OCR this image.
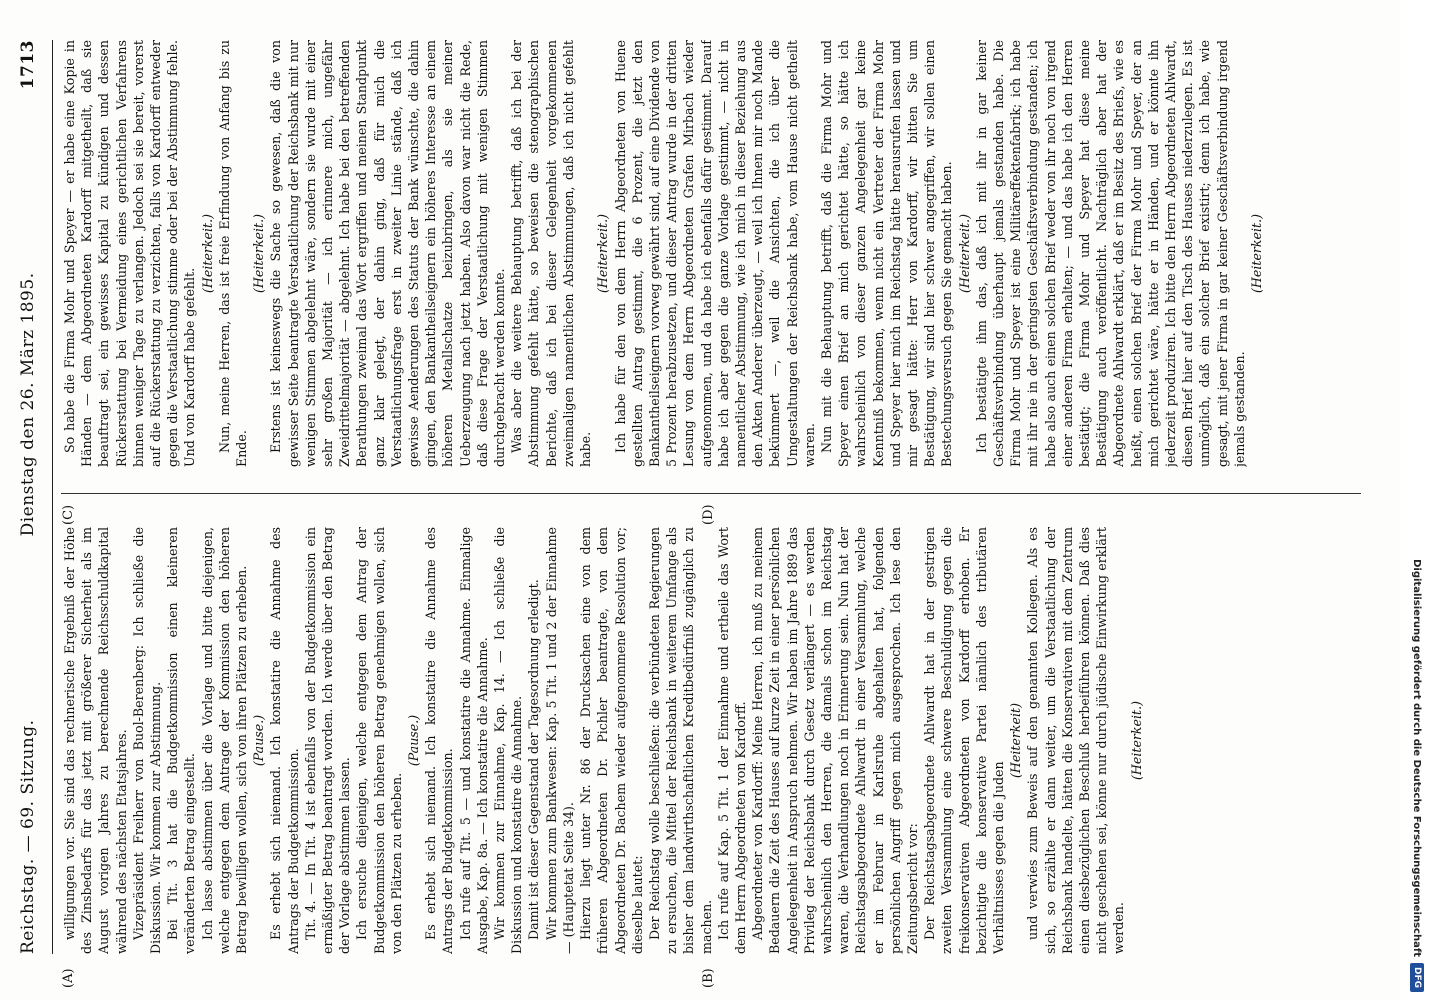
Reichstag. — 69. Sitzung.
Dienstag den 26. März 1895.
1713
(A)	(B)

willigungen vor. Sie sind das rechnerische Ergebniß der Höhe des Zinsbedarfs für das jetzt mit größerer Sicherheit als im August vorigen Jahres zu berechnende Reichsschuldkapital während des nächsten Etatsjahres. Vizepräsident Freiherr von Buol-Berenberg: Ich schließe die Diskussion. Wir kommen zur Abstimmung. Bei Tit. 3 hat die Budgetkommission einen kleineren veränderten Betrag eingestellt. Ich lasse abstimmen über die Vorlage und bitte diejenigen, welche entgegen dem Antrage der Kommission den höheren Betrag bewilligen wollen, sich von ihren Plätzen zu erheben. (Pause.) Es erhebt sich niemand. Ich konstatire die Annahme des Antrags der Budgetkommission. Tit. 4. — In Tit. 4 ist ebenfalls von der Budgetkommission ein ermäßigter Betrag beantragt worden. Ich werde über den Betrag der Vorlage abstimmen lassen. Ich ersuche diejenigen, welche entgegen dem Antrag der Budgetkommission den höheren Betrag genehmigen wollen, sich von den Plätzen zu erheben.

(Pause.) Es erhebt sich niemand. Ich konstatire die Annahme des Antrags der Budgetkommission. Ich rufe auf Tit. 5 — und konstatire die Annahme. Einmalige Ausgabe, Kap. 8a. — Ich konstatire die Annahme. Wir kommen zur Einnahme, Kap. 14. — Ich schließe die Diskussion und konstatire die Annahme. Damit ist dieser Gegenstand der Tagesordnung erledigt. Wir kommen zum Bankwesen: Kap. 5 Tit. 1 und 2 der Einnahme — (Hauptetat Seite 34). Hierzu liegt unter Nr. 86 der Drucksachen eine von dem früheren Abgeordneten Dr. Pichler beantragte, von dem Abgeordneten Dr. Bachem wieder aufgenommene Resolution vor; dieselbe lautet: Der Reichstag wolle beschließen: die verbündeten Regierungen zu ersuchen, die Mittel der Reichsbank in weiterem Umfange als bisher dem landwirthschaftlichen Kreditbedürfniß zugänglich zu machen. Ich rufe auf Kap. 5 Tit. 1 der Einnahme und ertheile das Wort dem Herrn Abgeordneten von Kardorff. Abgeordneter von Kardorff: Meine Herren, ich muß zu meinem Bedauern die Zeit des Hauses auf kurze Zeit in einer persönlichen Angelegenheit in Anspruch nehmen. Wir haben im Jahre 1889 das Privileg der Reichsbank durch Gesetz verlängert — es werden wahrscheinlich den Herren, die damals schon im Reichstag waren, die Verhandlungen noch in Erinnerung sein. Nun hat der Reichstagsabgeordnete Ahlwardt in einer Versammlung, welche er im Februar in Karlsruhe abgehalten hat, folgenden persönlichen Angriff gegen mich ausgesprochen. Ich lese den Zeitungsbericht vor: Der Reichstagsabgeordnete Ahlwardt hat in der gestrigen zweiten Versammlung eine schwere Beschuldigung gegen die freikonservativen Abgeordneten von Kardorff erhoben. Er bezichtigte die konservative Partei nämlich des tributären Verhältnisses gegen die Juden

(Heiterkeit) und verwies zum Beweis auf den genannten Kollegen. Als es sich, so erzählte er dann weiter, um die Verstaatlichung der Reichsbank handelte, hätten die Konservativen mit dem Zentrum einen diesbezüglichen Beschluß herbeiführen können. Daß dies nicht geschehen sei, könne nur durch jüdische Einwirkung erklärt werden.

(Heiterkeit.)

(C)	(D)

So habe die Firma Mohr und Speyer — er habe eine Kopie in Händen — dem Abgeordneten Kardorff mitgetheilt, daß sie beauftragt sei, ein gewisses Kapital zu kündigen und dessen Rückerstattung bei Vermeidung eines gerichtlichen Verfahrens binnen weniger Tage zu verlangen. Jedoch sei sie bereit, vorerst auf die Rückerstattung zu verzichten, falls von Kardorff entweder gegen die Verstaatlichung stimme oder bei der Abstimmung fehle. Und von Kardorff habe gefehlt.

(Heiterkeit.) Nun, meine Herren, das ist freie Erfindung von Anfang bis zu Ende.

(Heiterkeit.) Erstens ist keineswegs die Sache so gewesen, daß die von gewisser Seite beantragte Verstaatlichung der Reichsbank mit nur wenigen Stimmen abgelehnt wäre, sondern sie wurde mit einer sehr großen Majorität — ich erinnere mich, ungefähr Zweidrittelmajorität — abgelehnt. Ich habe bei den betreffenden Berathungen zweimal das Wort ergriffen und meinen Standpunkt ganz klar gelegt, der dahin ging, daß für mich die Verstaatlichungsfrage erst in zweiter Linie stände, daß ich gewisse Aenderungen des Statuts der Bank wünschte, die dahin gingen, den Bankantheilseignern ein höheres Interesse an einem höheren Metallschatze beizubringen, als sie meiner Ueberzeugung nach jetzt haben. Also davon war nicht die Rede, daß diese Frage der Verstaatlichung mit wenigen Stimmen durchgebracht werden konnte. Was aber die weitere Behauptung betrifft, daß ich bei der Abstimmung gefehlt hätte, so beweisen die stenographischen Berichte, daß ich bei dieser Gelegenheit vorgekommenen zweimaligen namentlichen Abstimmungen, daß ich nicht gefehlt habe.

(Heiterkeit.) Ich habe für den von dem Herrn Abgeordneten von Huene gestellten Antrag gestimmt, die 6 Prozent, die jetzt den Bankantheilseignern vorweg gewährt sind, auf eine Dividende von 5 Prozent herabzusetzen, und dieser Antrag wurde in der dritten Lesung von dem Herrn Abgeordneten Grafen Mirbach wieder aufgenommen, und da habe ich ebenfalls dafür gestimmt. Darauf habe ich aber gegen die ganze Vorlage gestimmt, — nicht in namentlicher Abstimmung, wie ich mich in dieser Beziehung aus den Akten Anderer überzeugt, — weil ich Ihnen mir noch Mande bekümmert —, weil die Ansichten, die ich über die Umgestaltungen der Reichsbank habe, vom Hause nicht getheilt waren. Nun mit die Behauptung betrifft, daß die Firma Mohr und Speyer einen Brief an mich gerichtet hätte, so hätte ich wahrscheinlich von dieser ganzen Angelegenheit gar keine Kenntniß bekommen, wenn nicht ein Vertreter der Firma Mohr und Speyer hier mich im Reichstag hätte herausrufen lassen und mir gesagt hätte: Herr von Kardorff, wir bitten Sie um Bestätigung, wir sind hier schwer angegriffen, wir sollen einen Bestechungsversuch gegen Sie gemacht haben. (Heiterkeit.) Ich bestätigte ihm das, daß ich mit ihr in gar keiner Geschäftsverbindung überhaupt jemals gestanden habe. Die Firma Mohr und Speyer ist eine Militäreffektenfabrik; ich habe mit ihr nie in der geringsten Geschäftsverbindung gestanden; ich habe also auch einen solchen Brief weder von ihr noch von irgend einer anderen Firma erhalten; — und das habe ich den Herren bestätigt; die Firma Mohr und Speyer hat diese meine Bestätigung auch veröffentlicht. Nachträglich aber hat der Abgeordnete Ahlwardt erklärt, daß er im Besitz des Briefs, wie es heißt, einen solchen Brief der Firma Mohr und Speyer, der an mich gerichtet wäre, hätte er in Händen, und er könnte ihn jederzeit produziren. Ich bitte den Herrn Abgeordneten Ahlwardt, diesen Brief hier auf den Tisch des Hauses niederzulegen. Es ist unmöglich, daß ein solcher Brief existirt; denn ich habe, wie gesagt, mit jener Firma in gar keiner Geschäftsverbindung irgend jemals gestanden.

(Heiterkeit.)

Digitalisierung gefördert durch die Deutsche Forschungsgemeinschaft
DFG
